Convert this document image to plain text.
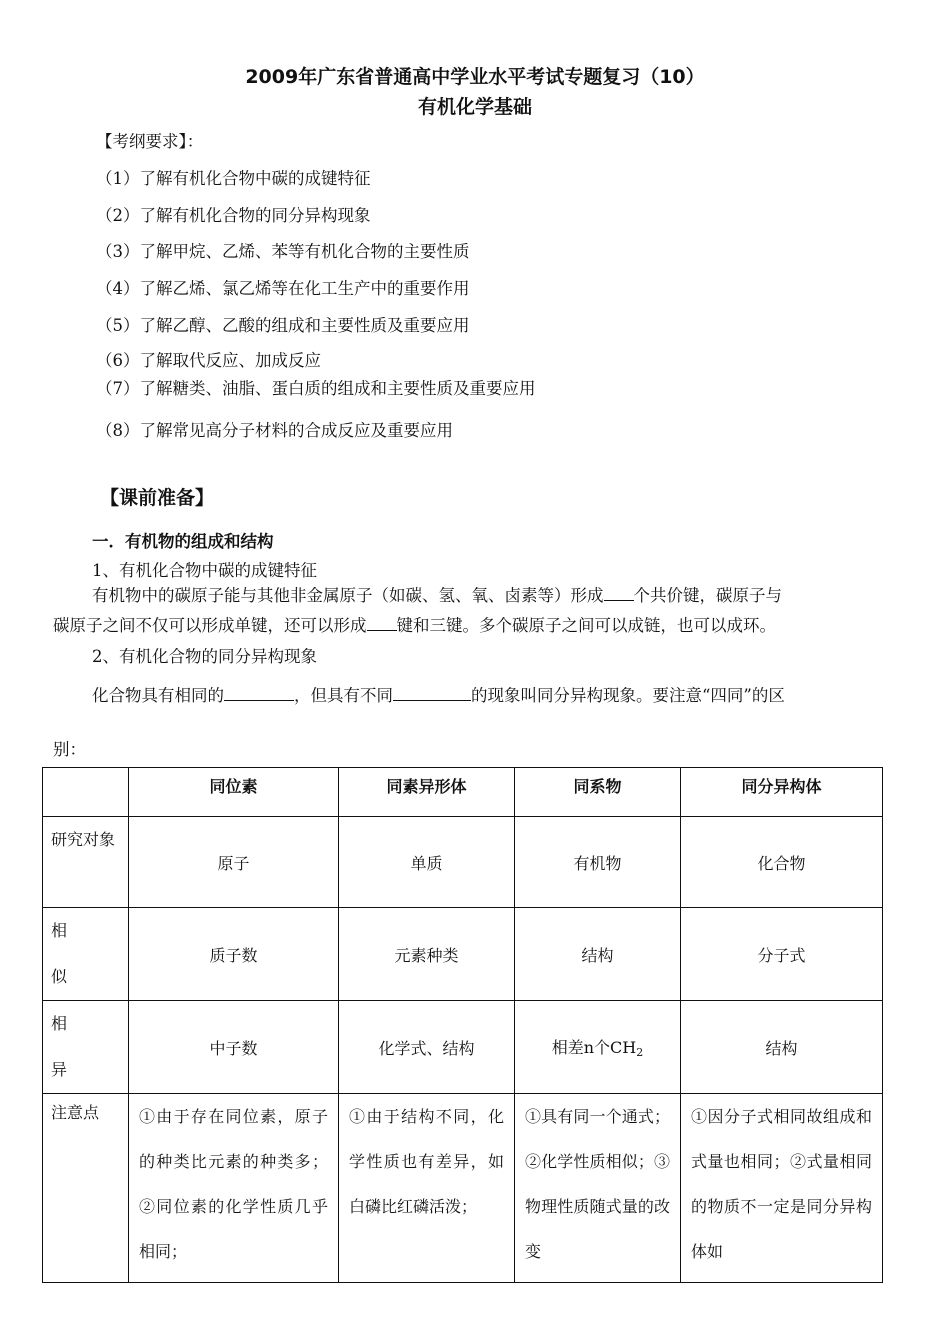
2009年广东省普通高中学业水平考试专题复习（10）
有机化学基础
【考纲要求】：
（1）了解有机化合物中碳的成键特征
（2）了解有机化合物的同分异构现象
（3）了解甲烷、乙烯、苯等有机化合物的主要性质
（4）了解乙烯、氯乙烯等在化工生产中的重要作用
（5）了解乙醇、乙酸的组成和主要性质及重要应用
（6）了解取代反应、加成反应
（7）了解糖类、油脂、蛋白质的组成和主要性质及重要应用
（8）了解常见高分子材料的合成反应及重要应用
【课前准备】
一．有机物的组成和结构
1、有机化合物中碳的成键特征
有机物中的碳原子能与其他非金属原子（如碳、氢、氧、卤素等）形成 个共价键，碳原子与
碳原子之间不仅可以形成单键，还可以形成 键和三键。多个碳原子之间可以成链，也可以成环。
2、有机化合物的同分异构现象
化合物具有相同的	，但具有不同	的现象叫同分异构现象。要注意“四同”的区
别：
	同位素	同素异形体	同系物	同分异构体
研究对象	原子	单质	有机物	化合物

相似	质子数	元素种类	结构	分子式

相异	中子数	化学式、结构	相差n个$CH_2$	结构
注意点	①由于存在同位素，原子的种类比元素的种类多；②同位素的化学性质几乎相同；	①由于结构不同，化学性质也有差异，如白磷比红磷活泼；	①具有同一个通式；②化学性质相似；③物理性质随式量的改变	①因分子式相同故组成和式量也相同；②式量相同的物质不一定是同分异构体如
